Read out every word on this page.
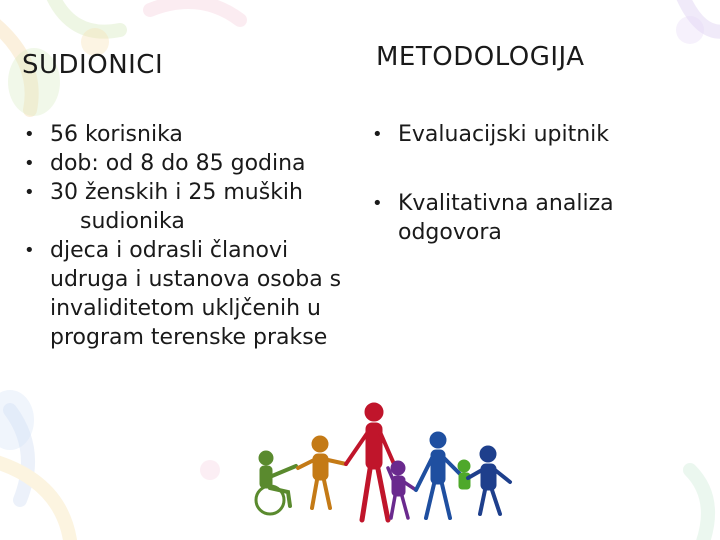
SUDIONICI	METODOLOGIJA
• 56 korisnika
• dob: od 8 do 85 godina
• 30 ženskih i 25 muških
sudionika
• djeca i odrasli članovi udruga i ustanova osoba s invaliditetom ukljčenih u program terenske prakse
• Evaluacijski upitnik
• Kvalitativna analiza odgovora
